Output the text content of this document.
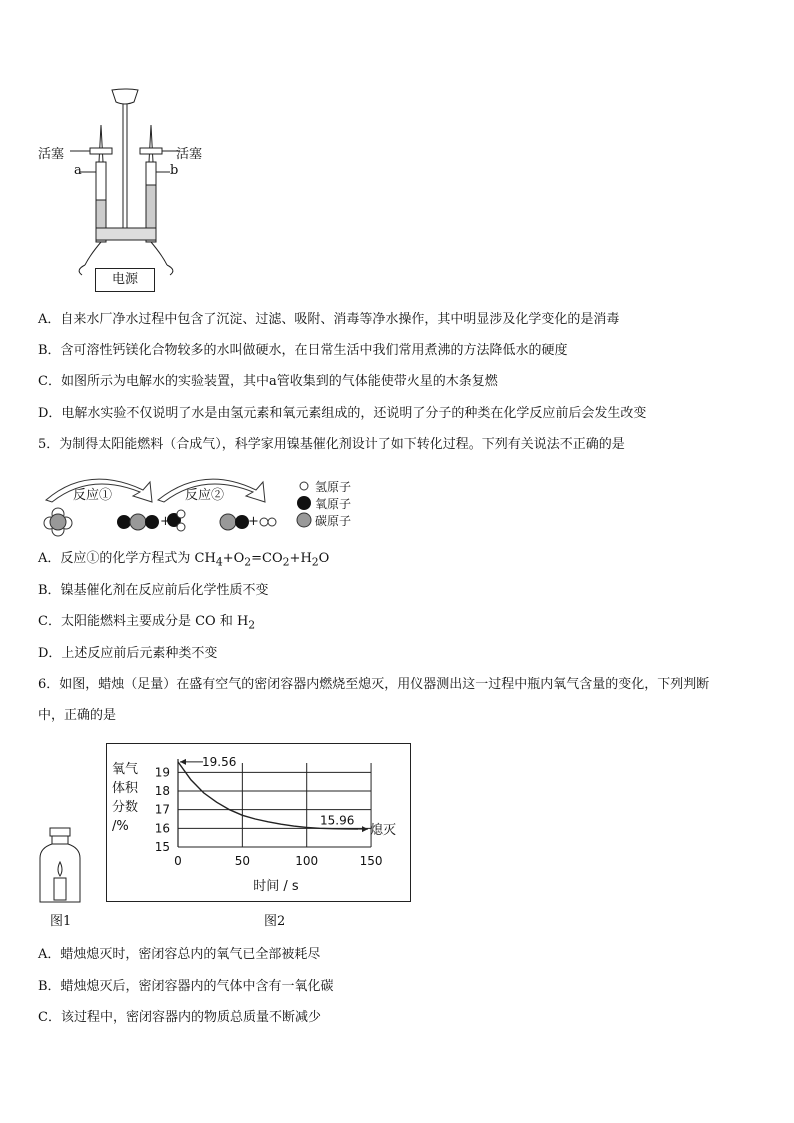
活塞	活塞
a	b
电源
A．自来水厂净水过程中包含了沉淀、过滤、吸附、消毒等净水操作，其中明显涉及化学变化的是消毒
B．含可溶性钙镁化合物较多的水叫做硬水，在日常生活中我们常用煮沸的方法降低水的硬度
C．如图所示为电解水的实验装置，其中a管收集到的气体能使带火星的木条复燃
D．电解水实验不仅说明了水是由氢元素和氧元素组成的，还说明了分子的种类在化学反应前后会发生改变
5．为制得太阳能燃料（合成气），科学家用镍基催化剂设计了如下转化过程。下列有关说法不正确的是
反应①	反应②
+	+
氢原子
氧原子
碳原子
A．反应①的化学方程式为 $CH_4+O_2=CO_2+H_2O$
B．镍基催化剂在反应前后化学性质不变
C．太阳能燃料主要成分是 CO 和 $H_2$
D．上述反应前后元素种类不变
6．如图，蜡烛（足量）在盛有空气的密闭容器内燃烧至熄灭，用仪器测出这一过程中瓶内氧气含量的变化，下列判断
中，正确的是
图1
15
16
17
18
19
0	50	100	150
氧气
体积
分数
/%
时间 / s
19.56
15.96
熄灭
图2
A．蜡烛熄灭时，密闭容总内的氧气已全部被耗尽
B．蜡烛熄灭后，密闭容器内的气体中含有一氧化碳
C．该过程中，密闭容器内的物质总质量不断减少
